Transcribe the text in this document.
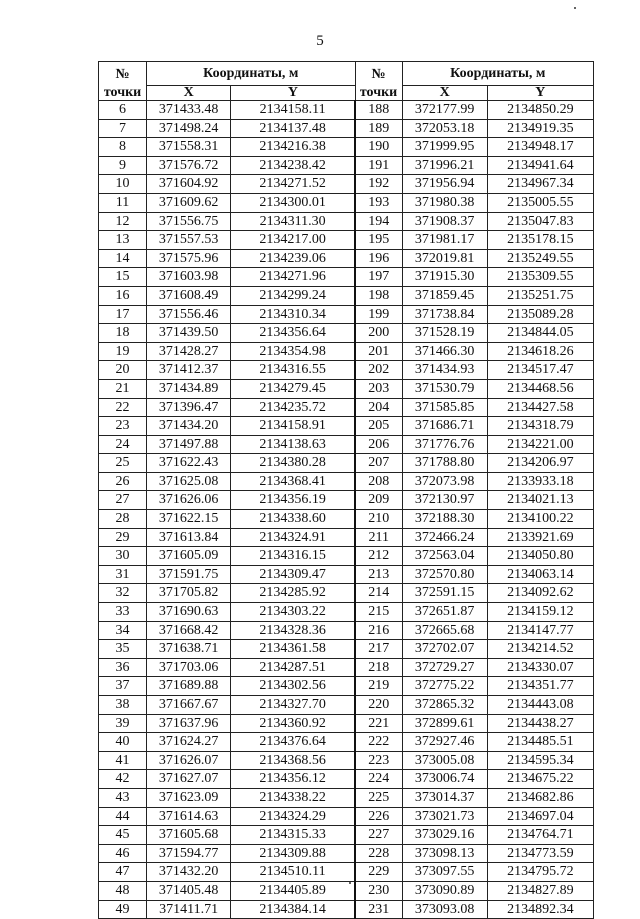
5
№	Координаты, м		№	Координаты, м	
точки	X	Y	точки	X	Y
6	371433.48	2134158.11	188	372177.99	2134850.29
7	371498.24	2134137.48	189	372053.18	2134919.35
8	371558.31	2134216.38	190	371999.95	2134948.17
9	371576.72	2134238.42	191	371996.21	2134941.64
10	371604.92	2134271.52	192	371956.94	2134967.34
11	371609.62	2134300.01	193	371980.38	2135005.55
12	371556.75	2134311.30	194	371908.37	2135047.83
13	371557.53	2134217.00	195	371981.17	2135178.15
14	371575.96	2134239.06	196	372019.81	2135249.55
15	371603.98	2134271.96	197	371915.30	2135309.55
16	371608.49	2134299.24	198	371859.45	2135251.75
17	371556.46	2134310.34	199	371738.84	2135089.28
18	371439.50	2134356.64	200	371528.19	2134844.05
19	371428.27	2134354.98	201	371466.30	2134618.26
20	371412.37	2134316.55	202	371434.93	2134517.47
21	371434.89	2134279.45	203	371530.79	2134468.56
22	371396.47	2134235.72	204	371585.85	2134427.58
23	371434.20	2134158.91	205	371686.71	2134318.79
24	371497.88	2134138.63	206	371776.76	2134221.00
25	371622.43	2134380.28	207	371788.80	2134206.97
26	371625.08	2134368.41	208	372073.98	2133933.18
27	371626.06	2134356.19	209	372130.97	2134021.13
28	371622.15	2134338.60	210	372188.30	2134100.22
29	371613.84	2134324.91	211	372466.24	2133921.69
30	371605.09	2134316.15	212	372563.04	2134050.80
31	371591.75	2134309.47	213	372570.80	2134063.14
32	371705.82	2134285.92	214	372591.15	2134092.62
33	371690.63	2134303.22	215	372651.87	2134159.12
34	371668.42	2134328.36	216	372665.68	2134147.77
35	371638.71	2134361.58	217	372702.07	2134214.52
36	371703.06	2134287.51	218	372729.27	2134330.07
37	371689.88	2134302.56	219	372775.22	2134351.77
38	371667.67	2134327.70	220	372865.32	2134443.08
39	371637.96	2134360.92	221	372899.61	2134438.27
40	371624.27	2134376.64	222	372927.46	2134485.51
41	371626.07	2134368.56	223	373005.08	2134595.34
42	371627.07	2134356.12	224	373006.74	2134675.22
43	371623.09	2134338.22	225	373014.37	2134682.86
44	371614.63	2134324.29	226	373021.73	2134697.04
45	371605.68	2134315.33	227	373029.16	2134764.71
46	371594.77	2134309.88	228	373098.13	2134773.59
47	371432.20	2134510.11	229	373097.55	2134795.72
48	371405.48	2134405.89	230	373090.89	2134827.89
49	371411.71	2134384.14	231	373093.08	2134892.34
